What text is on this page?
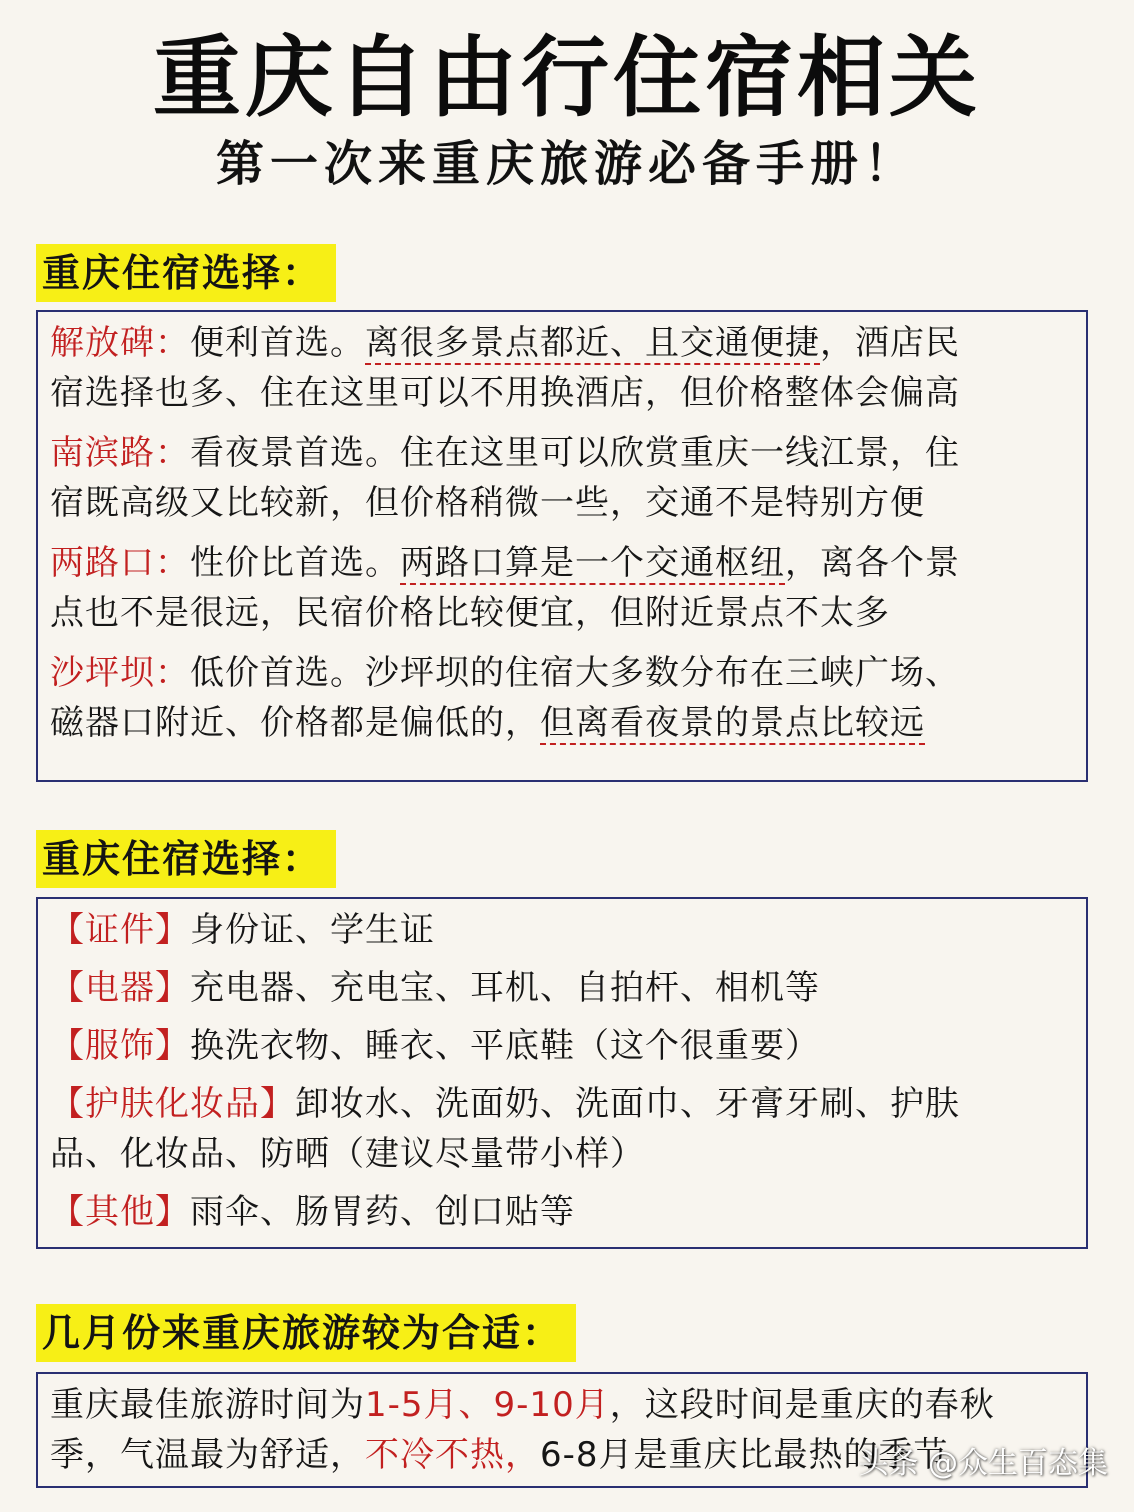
重庆自由行住宿相关
第一次来重庆旅游必备手册！
重庆住宿选择：
解放碑：便利首选。离很多景点都近、且交通便捷，酒店民
宿选择也多、住在这里可以不用换酒店，但价格整体会偏高
南滨路：看夜景首选。住在这里可以欣赏重庆一线江景，住
宿既高级又比较新，但价格稍微一些，交通不是特别方便
两路口：性价比首选。两路口算是一个交通枢纽，离各个景
点也不是很远，民宿价格比较便宜，但附近景点不太多
沙坪坝：低价首选。沙坪坝的住宿大多数分布在三峡广场、
磁器口附近、价格都是偏低的，但离看夜景的景点比较远
重庆住宿选择：
【证件】身份证、学生证
【电器】充电器、充电宝、耳机、自拍杆、相机等
【服饰】换洗衣物、睡衣、平底鞋（这个很重要）
【护肤化妆品】卸妆水、洗面奶、洗面巾、牙膏牙刷、护肤
品、化妆品、防晒（建议尽量带小样）
【其他】雨伞、肠胃药、创口贴等
几月份来重庆旅游较为合适：
重庆最佳旅游时间为1-5月、9-10月，这段时间是重庆的春秋
季，气温最为舒适，不冷不热，6-8月是重庆比最热的季节
头条 @众生百态集
